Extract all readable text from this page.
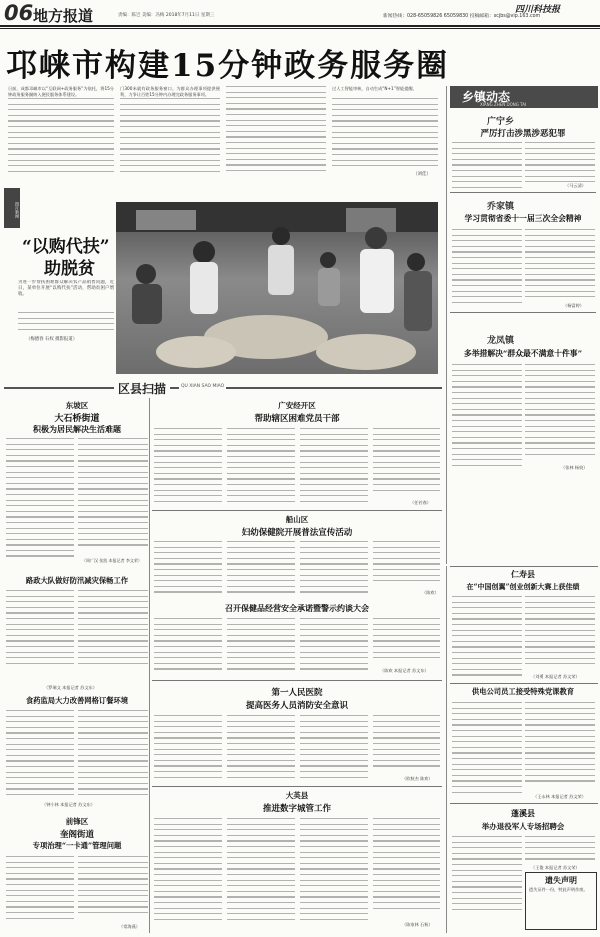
06 地方报道	责编：陈岂 美编：冯梅 2018年7月11日 星期三
四川科技报
新闻热线：028-65059826 65059830 投稿邮箱：scjbs@vip.163.com
邛崃市构建15分钟政务服务圈
日前，成都邛崃市以“互联网+政务服务”为依托，将15分钟政务服务圈纳入便民服务体系建设。
门300米就有政务服务窗口。为群众办理事项提供便利，力争让百姓15分钟内办理完政务服务事项。
过人工智能审核，自动生成“N+1”智能提醒。
（刘佳）
图片新闻
“以购代扶”
助脱贫
为进一步帮扶困难群众解决农产品销售问题，近日，某单位开展“以购代扶”活动，帮助贫困户增收。
（梅德春 石权 摄影报道）
乡镇动态
XIANG ZHEN DONG TAI
广宁乡
严厉打击涉黑涉恶犯罪
（马云清）
乔家镇
学习贯彻省委十一届三次全会精神
（杨富婷）
龙凤镇
多举措解决“群众最不满意十件事”
（张林 杨姣）
区县扫描	QU XIAN SAO MIAO
东坡区
大石桥街道
积极为居民解决生活难题
（周广汉 张凯 本报记者 李文荣）
路政大队做好防汛减灾保畅工作
（罗瑞文 本报记者 苏文东）
食药监局大力改善网格订餐环境
（钟小林 本报记者 苏文东）
前锋区
奎阁街道
专项治理“一卡通”管理问题
（常海燕）
广安经开区
帮助辖区困难党员干部
（任若春）
船山区
妇幼保健院开展普法宣传活动
（陈欢）
召开保健品经营安全承诺暨警示约谈大会
（陈欢 本报记者 苏文东）
第一人民医院
提高医务人员消防安全意识
（欧秋杰 陈欢）
大英县
推进数字城管工作
（陈家林 石秋）
仁寿县
在“中国创翼”创业创新大赛上获佳绩
（刘勇 本报记者 苏文荣）
供电公司员工接受特殊党课教育
（王永林 本报记者 苏文荣）
蓬溪县
举办退役军人专场招聘会
（王俊 本报记者 苏文荣）
遗失声明
遗失证件一份，特此声明作废。
